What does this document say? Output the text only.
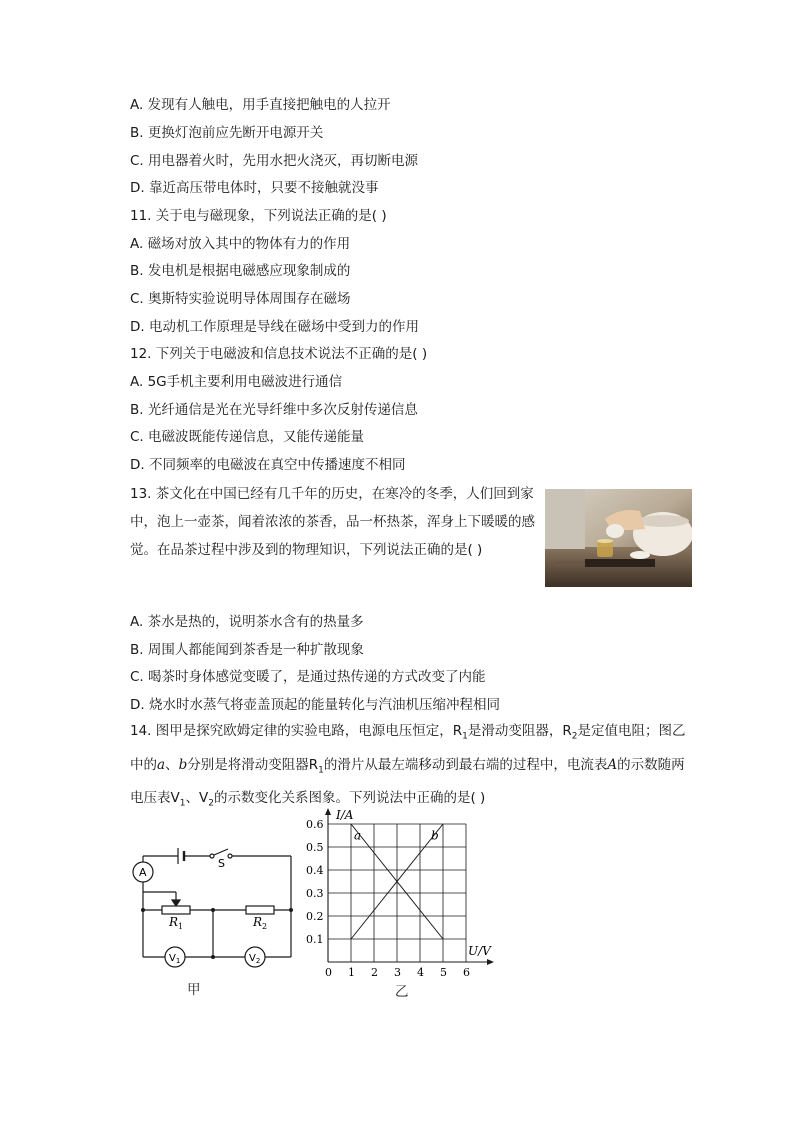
A. 发现有人触电，用手直接把触电的人拉开
B. 更换灯泡前应先断开电源开关
C. 用电器着火时，先用水把火浇灭，再切断电源
D. 靠近高压带电体时，只要不接触就没事
11. 关于电与磁现象，下列说法正确的是( )
A. 磁场对放入其中的物体有力的作用
B. 发电机是根据电磁感应现象制成的
C. 奥斯特实验说明导体周围存在磁场
D. 电动机工作原理是导线在磁场中受到力的作用
12. 下列关于电磁波和信息技术说法不正确的是( )
A. 5G手机主要利用电磁波进行通信
B. 光纤通信是光在光导纤维中多次反射传递信息
C. 电磁波既能传递信息，又能传递能量
D. 不同频率的电磁波在真空中传播速度不相同
13. 茶文化在中国已经有几千年的历史，在寒冷的冬季，人们回到家中，泡上一壶茶，闻着浓浓的茶香，品一杯热茶，浑身上下暖暖的感觉。在品茶过程中涉及到的物理知识，下列说法正确的是( )
A. 茶水是热的，说明茶水含有的热量多
B. 周围人都能闻到茶香是一种扩散现象
C. 喝茶时身体感觉变暖了，是通过热传递的方式改变了内能
D. 烧水时水蒸气将壶盖顶起的能量转化与汽油机压缩冲程相同
14. 图甲是探究欧姆定律的实验电路，电源电压恒定，$R_1$是滑动变阻器，$R_2$是定值电阻；图乙中的a、b分别是将滑动变阻器$R_1$的滑片从最左端移动到最右端的过程中，电流表A的示数随两电压表$V_1$、$V_2$的示数变化关系图象。下列说法中正确的是( )
A
S
$R_1$	$R_2$
$V_1$	$V_2$
甲
a	b
0 1 2 3 4 5 6
0.1
0.2
0.3
0.4
0.5
0.6
I/A
U/V
乙
